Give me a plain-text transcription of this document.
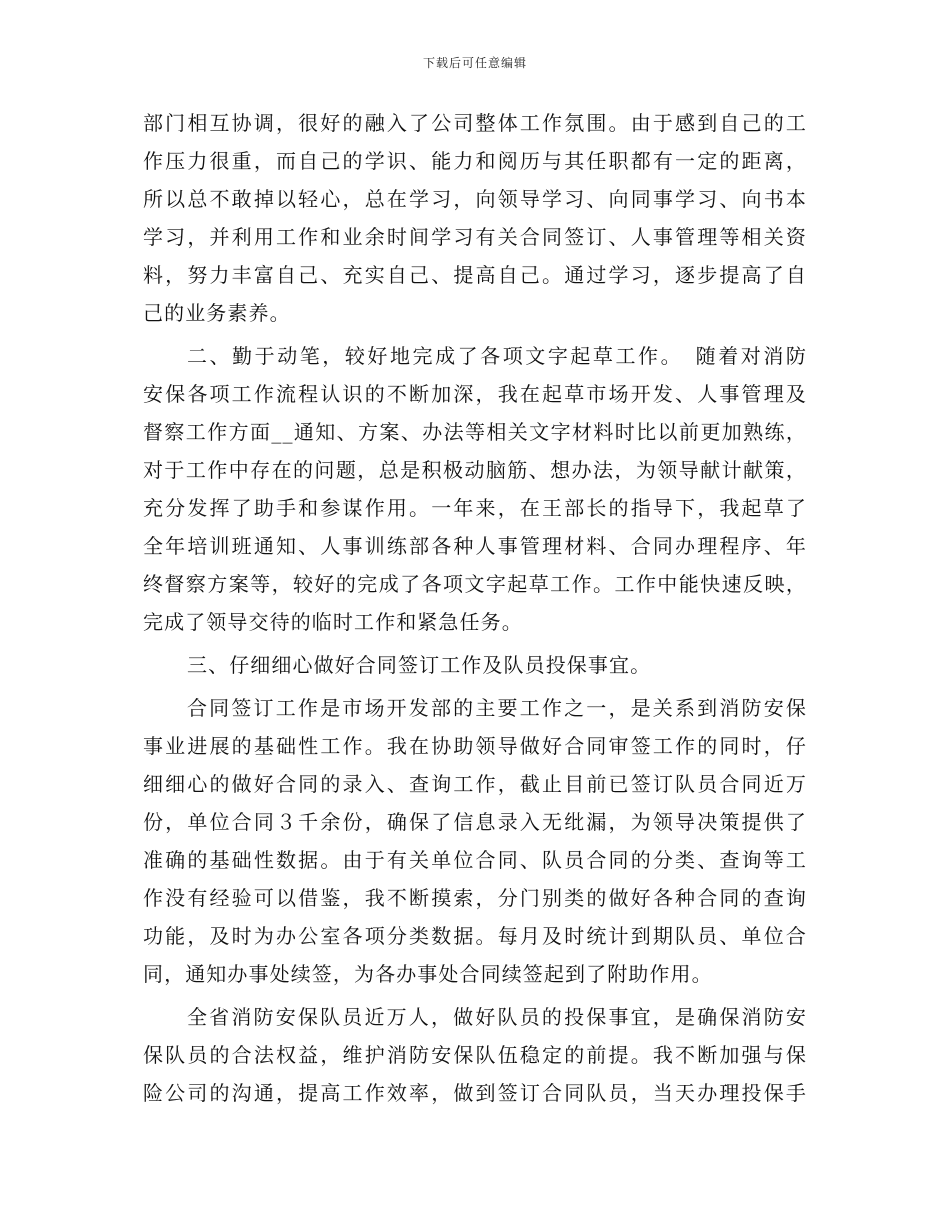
下载后可任意编辑
部门相互协调，很好的融入了公司整体工作氛围。由于感到自己的工
作压力很重，而自己的学识、能力和阅历与其任职都有一定的距离，
所以总不敢掉以轻心，总在学习，向领导学习、向同事学习、向书本
学习，并利用工作和业余时间学习有关合同签订、人事管理等相关资
料，努力丰富自己、充实自己、提高自己。通过学习，逐步提高了自
己的业务素养。
二、勤于动笔，较好地完成了各项文字起草工作。　随着对消防
安保各项工作流程认识的不断加深，我在起草市场开发、人事管理及
督察工作方面__通知、方案、办法等相关文字材料时比以前更加熟练，
对于工作中存在的问题，总是积极动脑筋、想办法，为领导献计献策，
充分发挥了助手和参谋作用。一年来，在王部长的指导下，我起草了
全年培训班通知、人事训练部各种人事管理材料、合同办理程序、年
终督察方案等，较好的完成了各项文字起草工作。工作中能快速反映，
完成了领导交待的临时工作和紧急任务。
三、仔细细心做好合同签订工作及队员投保事宜。
合同签订工作是市场开发部的主要工作之一，是关系到消防安保
事业进展的基础性工作。我在协助领导做好合同审签工作的同时，仔
细细心的做好合同的录入、查询工作，截止目前已签订队员合同近万
份，单位合同３千余份，确保了信息录入无纰漏，为领导决策提供了
准确的基础性数据。由于有关单位合同、队员合同的分类、查询等工
作没有经验可以借鉴，我不断摸索，分门别类的做好各种合同的查询
功能，及时为办公室各项分类数据。每月及时统计到期队员、单位合
同，通知办事处续签，为各办事处合同续签起到了附助作用。
全省消防安保队员近万人，做好队员的投保事宜，是确保消防安
保队员的合法权益，维护消防安保队伍稳定的前提。我不断加强与保
险公司的沟通，提高工作效率，做到签订合同队员，当天办理投保手
